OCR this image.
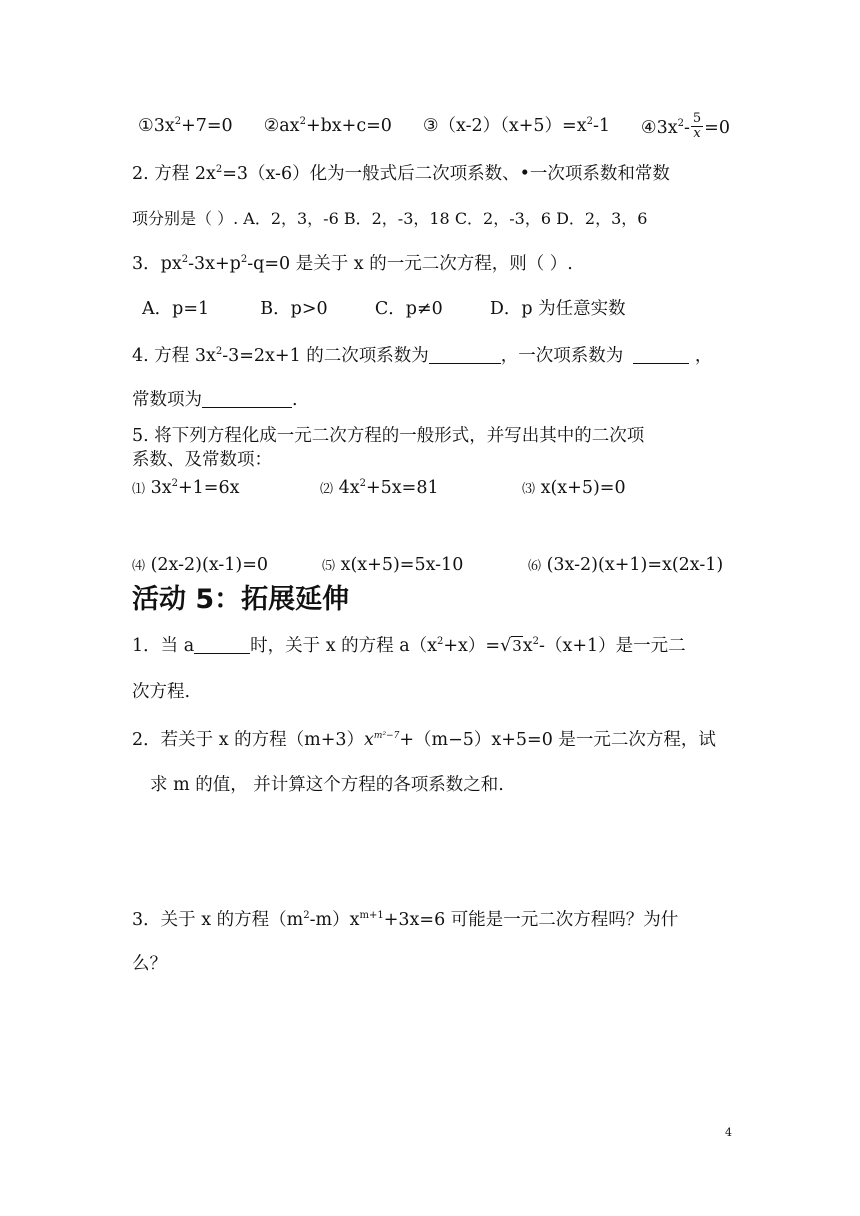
$①3x^2+7=0$ $②ax^2+bx+c=0$ $③(x-2)(x+5)=x^2-1$ $④3x^2- \frac{5}{x} =0$
2. 方程 $2x^2=3(x-6)$化为一般式后二次项系数、•一次项系数和常数
项分别是（ ）. A．2，3，-6 B．2，-3，18 C．2，-3，6 D．2，3，6
3．$px^2-3x+p^2-q=0$ 是关于 x 的一元二次方程，则（ ）.
A．p=1	B．p>0	C．p≠0	D．p 为任意实数
4. 方程 $3x^2-3=2x+1$ 的二次项系数为	，一次项系数为	，
常数项为	.
5. 将下列方程化成一元二次方程的一般形式，并写出其中的二次项
系数、及常数项：
⑴ $3x^2+1=6x$	⑵ $4x^2+5x=81$	⑶ x(x+5)=0
⑷ (2x-2)(x-1)=0	⑸ x(x+5)=5x-10	⑹ (3x-2)(x+1)=x(2x-1)
活动 5：拓展延伸
1．当 a	时，关于 x 的方程 $a(x^2+x)=√3x^2-(x+1)$是一元二
次方程.
2．若关于 x 的方程$(m+3)x^{m^2-7}+(m-5)x+5=0$ 是一元二次方程，试
求 m 的值， 并计算这个方程的各项系数之和.
3．关于 x 的方程$(m^2-m)x^{m+1}+3x=6$ 可能是一元二次方程吗？为什
么？
4
